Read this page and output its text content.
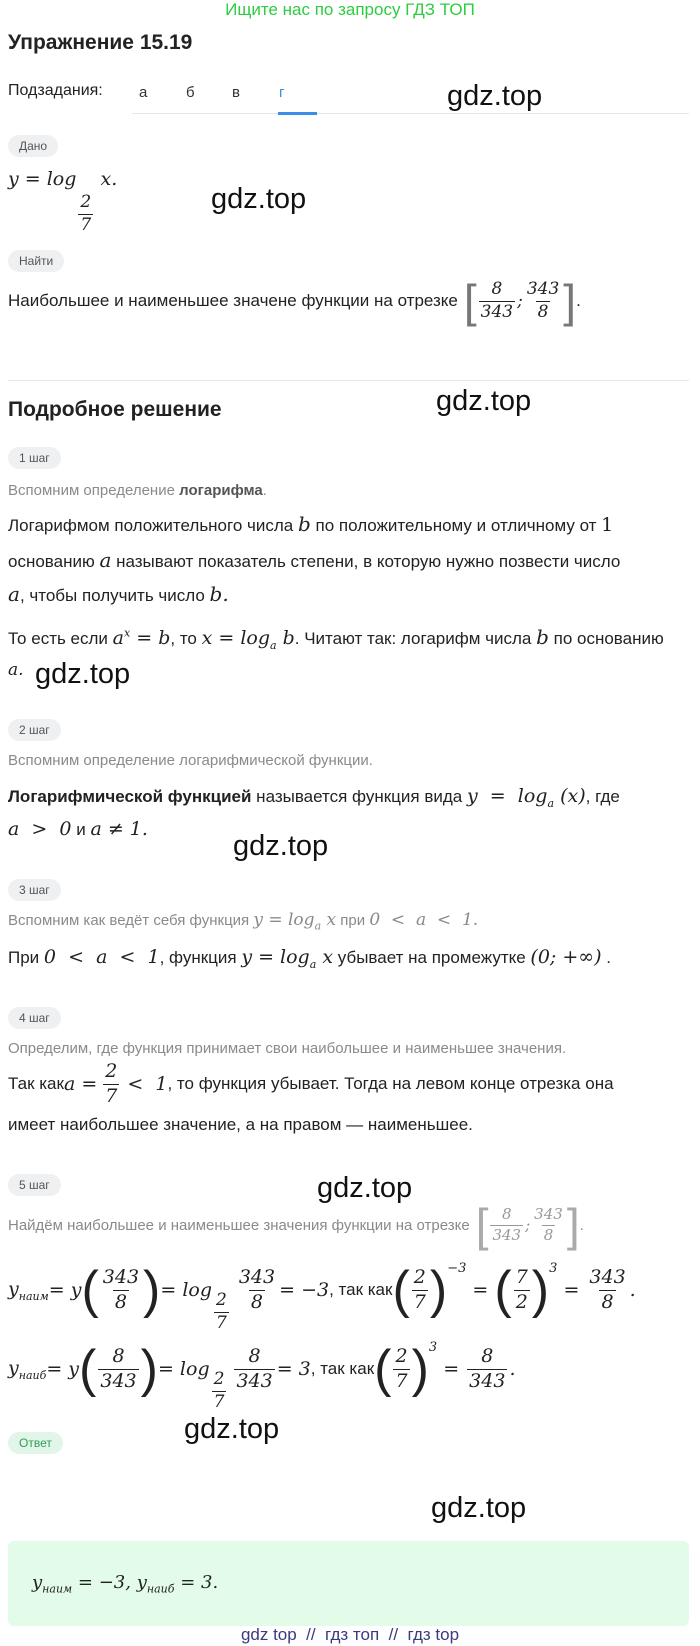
Ищите нас по запросу ГДЗ ТОП
Упражнение 15.19
Подзадания: а	б в	г
Дано
y = log
$\frac{2}{7}$
x.
Найти
Наибольшее и наименьшее значене функции на отрезке [ $\frac{8}{343}$ ; $\frac{343}{8}$ ] .
Подробное решение
1 шаг
Вспомним определение логарифма.
Логарифмом положительного числа b по положительному и отличному от 1
основанию a называют показатель степени, в которую нужно позвести число
a, чтобы получить число b.
То есть если $a^x = b$, то $x = \log_a b$. Читают так: логарифм числа b по основанию
a.
2 шаг
Вспомним определение логарифмической функции.
Логарифмической функцией называется функция вида $y = \log_a (x)$, где
a  >  0 и a ≠ 1.
3 шаг
Вспомним как ведёт себя функция $y = \log_a x$ при 0  <  a  <  1.
При 0  <  a  <  1, функция $y = \log_a x$ убывает на промежутке (0; +∞) .
4 шаг
Определим, где функция принимает свои наибольшее и наименьшее значения.
Так как $a = \frac{2}{7} < 1$ , то функция убывает. Тогда на левом конце отрезка она
имеет наибольшее значение, а на правом — наименьшее.
5 шаг
Найдём наибольшее и наименьшее значения функции на отрезке [ $\frac{8}{343}$ ; $\frac{343}{8}$ ] .
$y_{наим} = y$ ( $\frac{343}{8}$ ) = log
$\frac{2}{7} \frac{343}{8} = -3$ , так как ( $\frac{2}{7} )^{-3}$
= ( $\frac{7}{2} )^3$
= $\frac{343}{8}$ .
$y_{наиб} = y$ ( $\frac{8}{343}$ ) = log
$\frac{2}{7} \frac{8}{343} = 3$ , так как ( $\frac{2}{7} )^3$
= $\frac{8}{343}$ .
Ответ
$y_{наим} = -3$, $y_{наиб} = 3$.
gdz.top
gdz.top
gdz.top
gdz.top
gdz.top
gdz.top
gdz.top
gdz.top
gdz top  //  гдз топ  //  гдз top
